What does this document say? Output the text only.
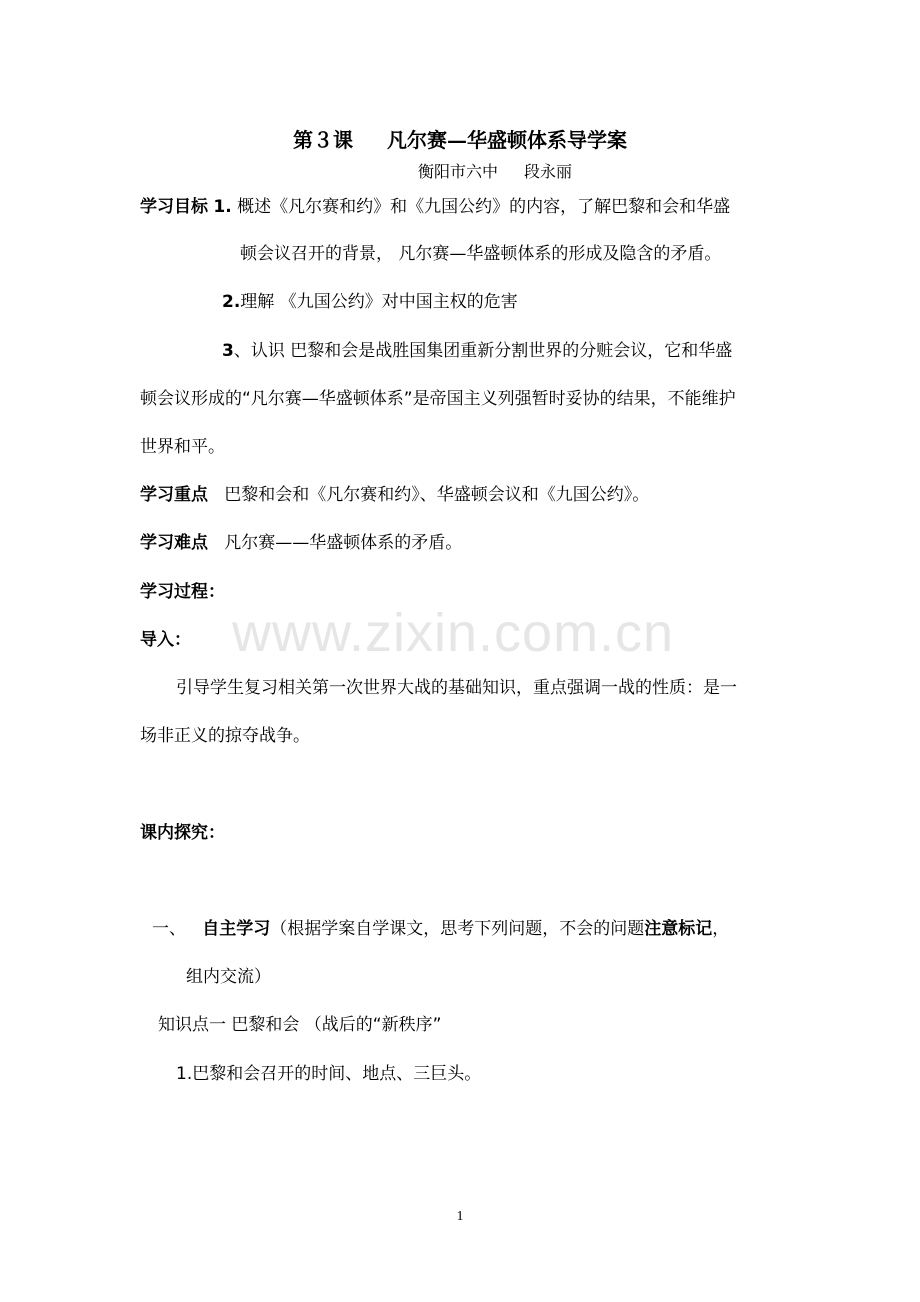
第３课 凡尔赛—华盛顿体系导学案
衡阳市六中 段永丽
学习目标 1. 概述《凡尔赛和约》和《九国公约》的内容，了解巴黎和会和华盛
顿会议召开的背景， 凡尔赛—华盛顿体系的形成及隐含的矛盾。
2.理解 《九国公约》对中国主权的危害
3、认识 巴黎和会是战胜国集团重新分割世界的分赃会议，它和华盛
顿会议形成的“凡尔赛—华盛顿体系”是帝国主义列强暂时妥协的结果，不能维护
世界和平。
学习重点 巴黎和会和《凡尔赛和约》、华盛顿会议和《九国公约》。
学习难点 凡尔赛——华盛顿体系的矛盾。
学习过程：
www.zixin.com.cn
导入：
引导学生复习相关第一次世界大战的基础知识，重点强调一战的性质：是一
场非正义的掠夺战争。
课内探究：
一、 自主学习（根据学案自学课文，思考下列问题，不会的问题注意标记，
组内交流）
知识点一 巴黎和会 （战后的“新秩序”
1.巴黎和会召开的时间、地点、三巨头。
1
